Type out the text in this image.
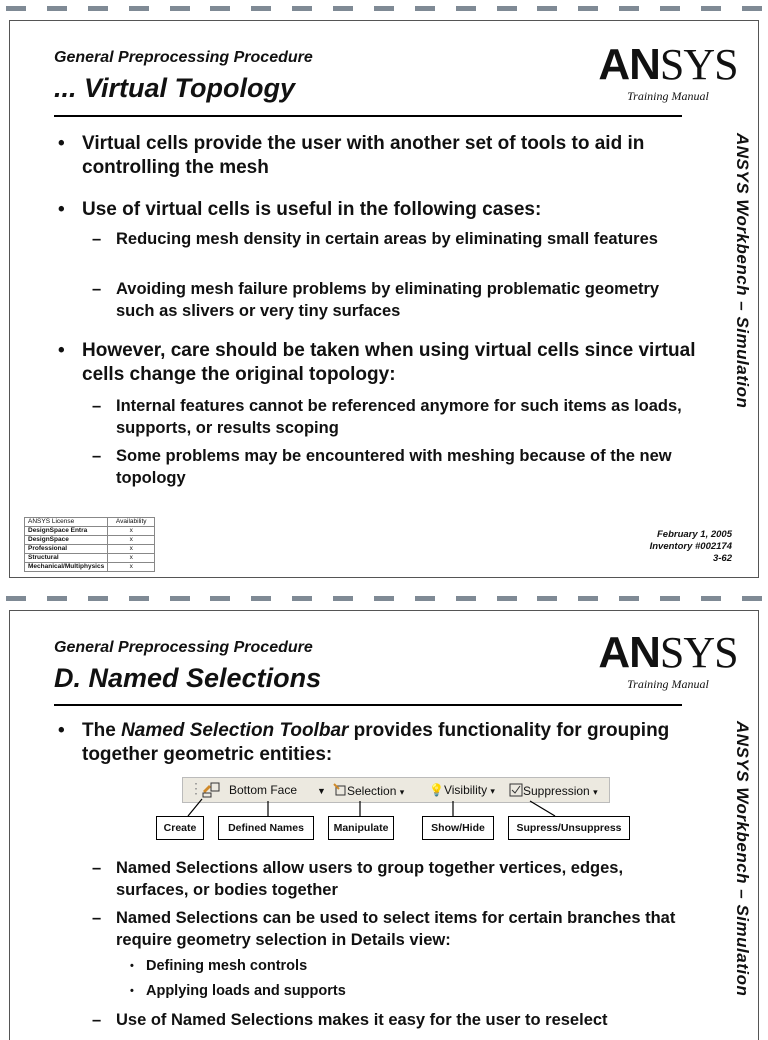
General Preprocessing Procedure
... Virtual Topology	ANSYS
Training Manual
ANSYS Workbench – Simulation
• Virtual cells provide the user with another set of tools to aid in controlling the mesh
• Use of virtual cells is useful in the following cases:
– Reducing mesh density in certain areas by eliminating small features
– Avoiding mesh failure problems by eliminating problematic geometry such as slivers or very tiny surfaces
• However, care should be taken when using virtual cells since virtual cells change the original topology:
– Internal features cannot be referenced anymore for such items as loads, supports, or results scoping
– Some problems may be encountered with meshing because of the new topology
ANSYS License	Availability
DesignSpace Entra	x
DesignSpace	x
Professional	x
Structural	x
Mechanical/Multiphysics	x
February 1, 2005
Inventory #002174
3-62
General Preprocessing Procedure
D. Named Selections
ANSYS
Training Manual
ANSYS Workbench – Simulation
• The Named Selection Toolbar provides functionality for grouping together geometric entities:
⋮ Bottom Face	▼	Selection ▾ 💡Visibility ▾	Suppression ▾
Create	Defined Names	Manipulate	Show/Hide	Supress/Unsuppress
– Named Selections allow users to group together vertices, edges, surfaces, or bodies together
– Named Selections can be used to select items for certain branches that require geometry selection in Details view:
• Defining mesh controls
• Applying loads and supports
– Use of Named Selections makes it easy for the user to reselect
